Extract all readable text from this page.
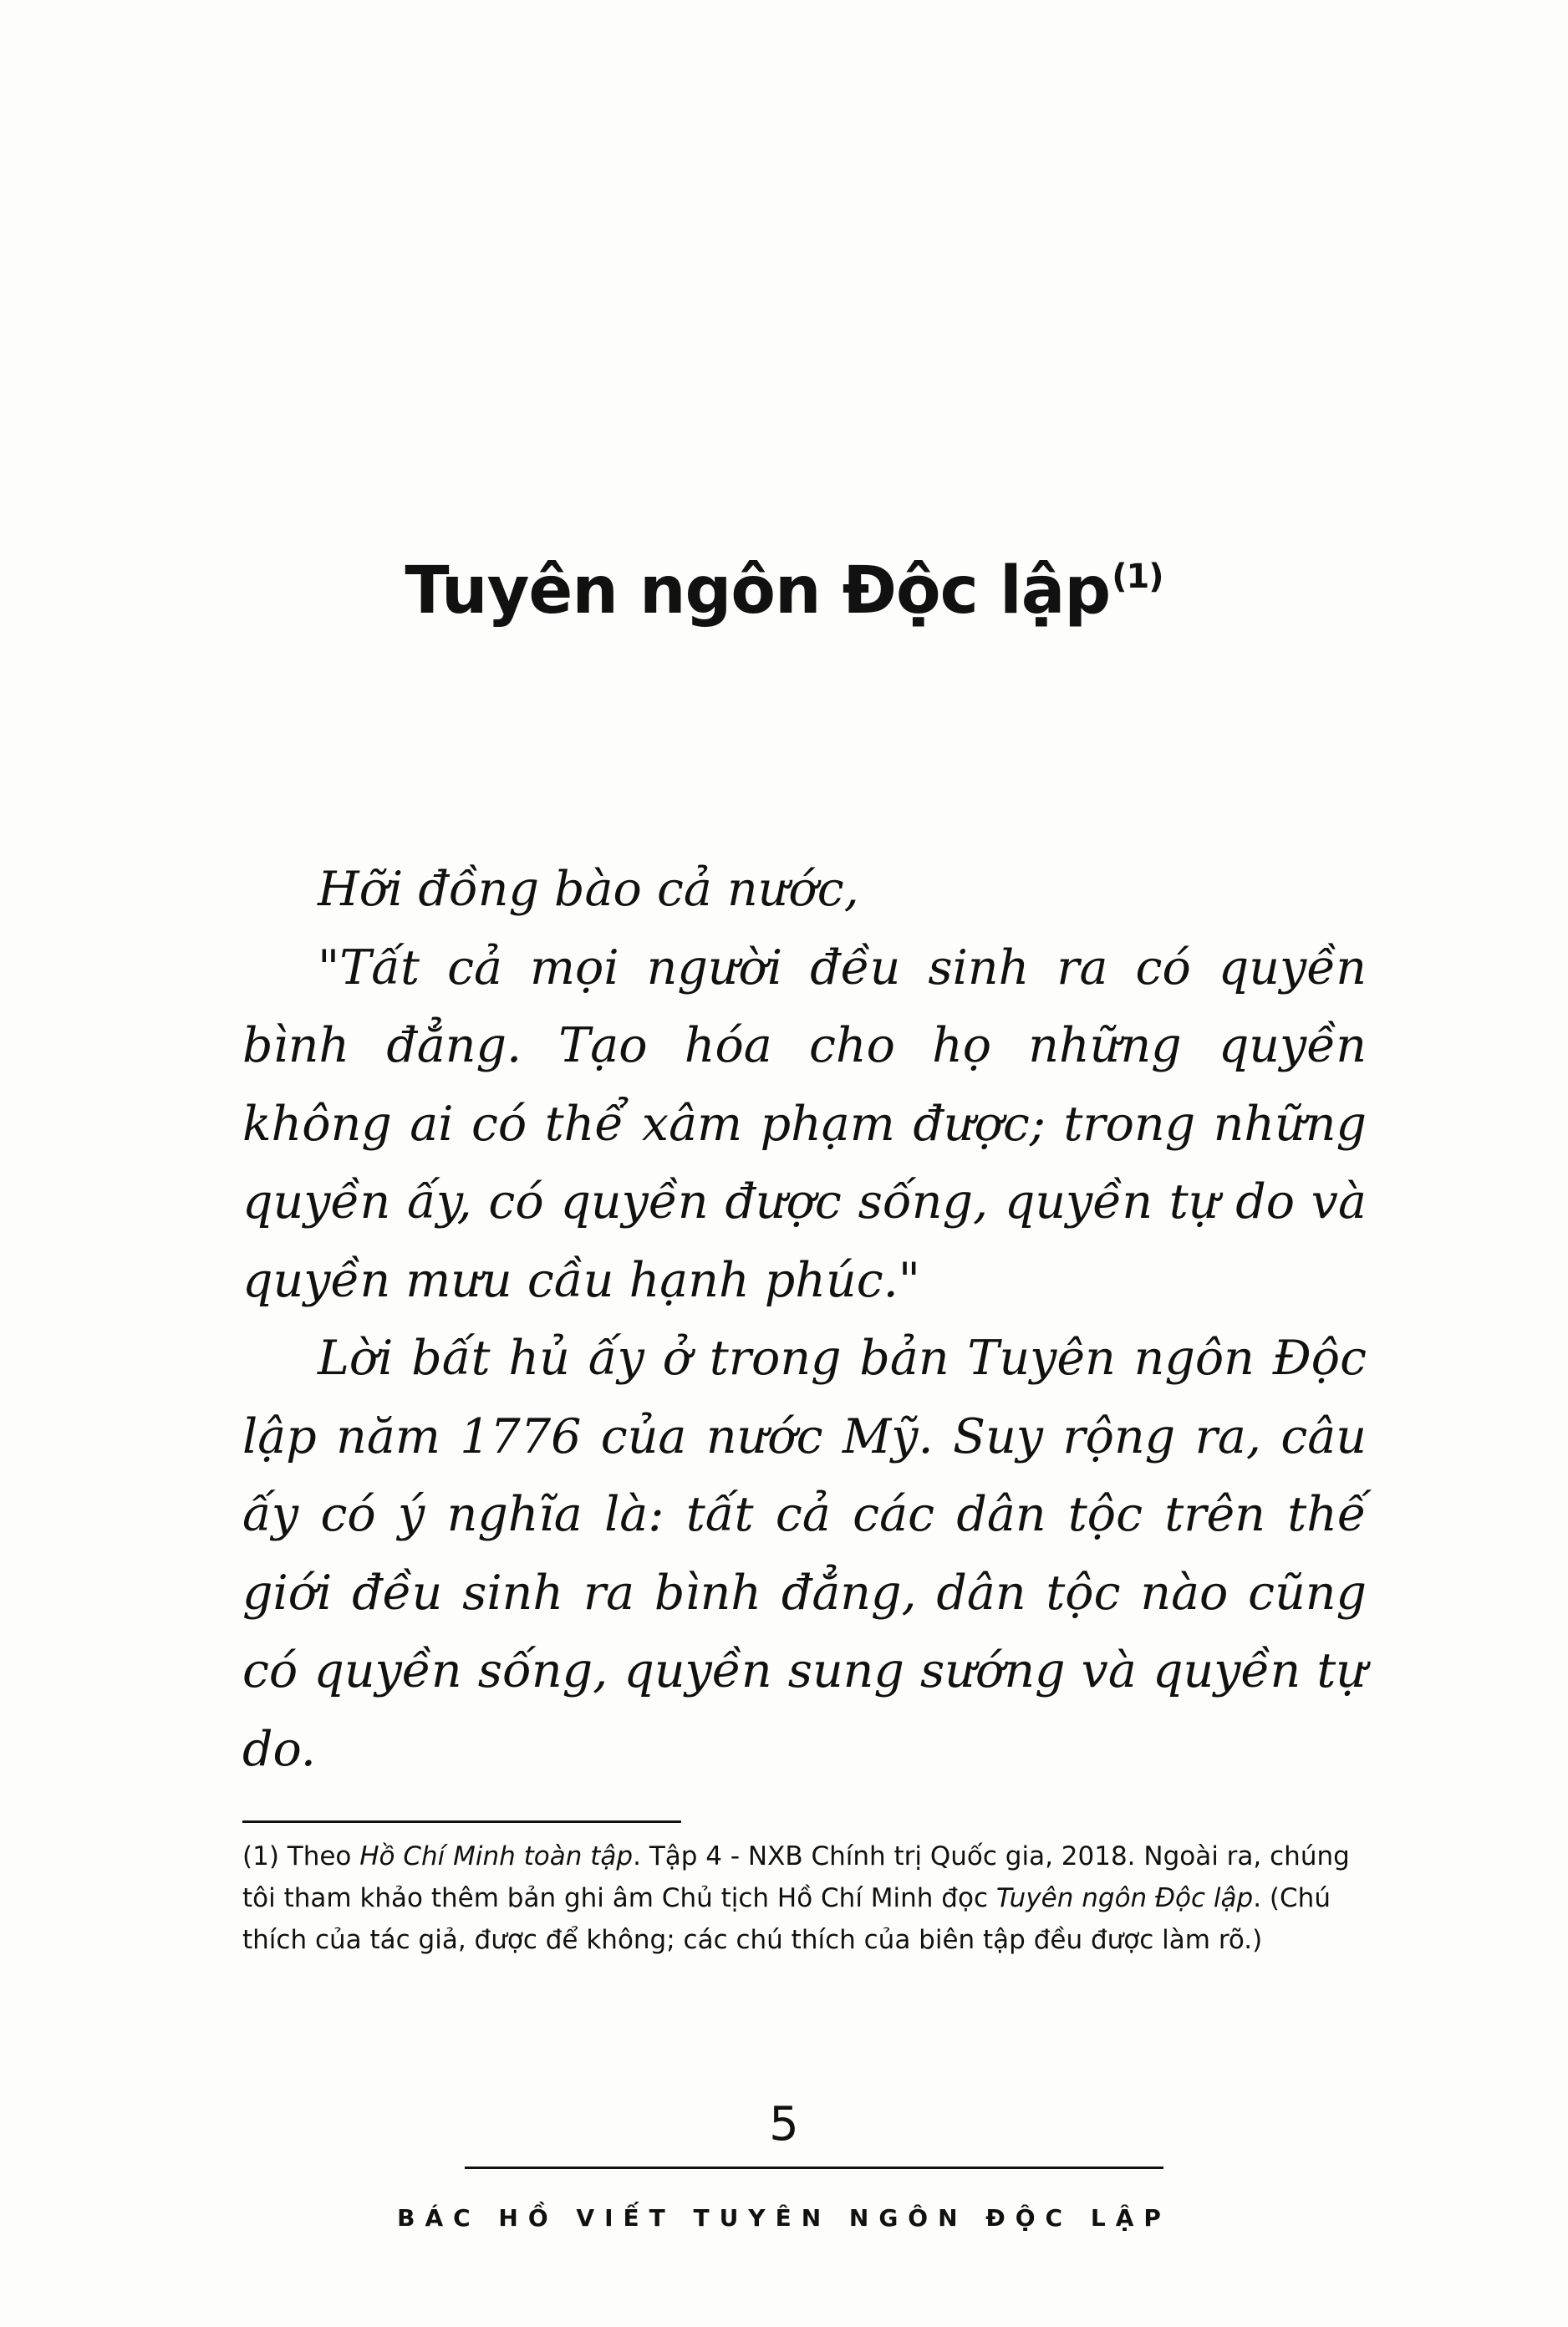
Tuyên ngôn Độc lập$^{(1)}$

Hỡi đồng bào cả nước,

"Tất cả mọi người đều sinh ra có quyền bình đẳng. Tạo hóa cho họ những quyền không ai có thể xâm phạm được; trong những quyền ấy, có quyền được sống, quyền tự do và quyền mưu cầu hạnh phúc."

Lời bất hủ ấy ở trong bản Tuyên ngôn Độc lập năm 1776 của nước Mỹ. Suy rộng ra, câu ấy có ý nghĩa là: tất cả các dân tộc trên thế giới đều sinh ra bình đẳng, dân tộc nào cũng có quyền sống, quyền sung sướng và quyền tự do.

(1) Theo Hồ Chí Minh toàn tập. Tập 4 - NXB Chính trị Quốc gia, 2018. Ngoài ra, chúng tôi tham khảo thêm bản ghi âm Chủ tịch Hồ Chí Minh đọc Tuyên ngôn Độc lập. (Chú thích của tác giả, được để không; các chú thích của biên tập đều được làm rõ.)

5
BÁC HỒ VIẾT TUYÊN NGÔN ĐỘC LẬP
